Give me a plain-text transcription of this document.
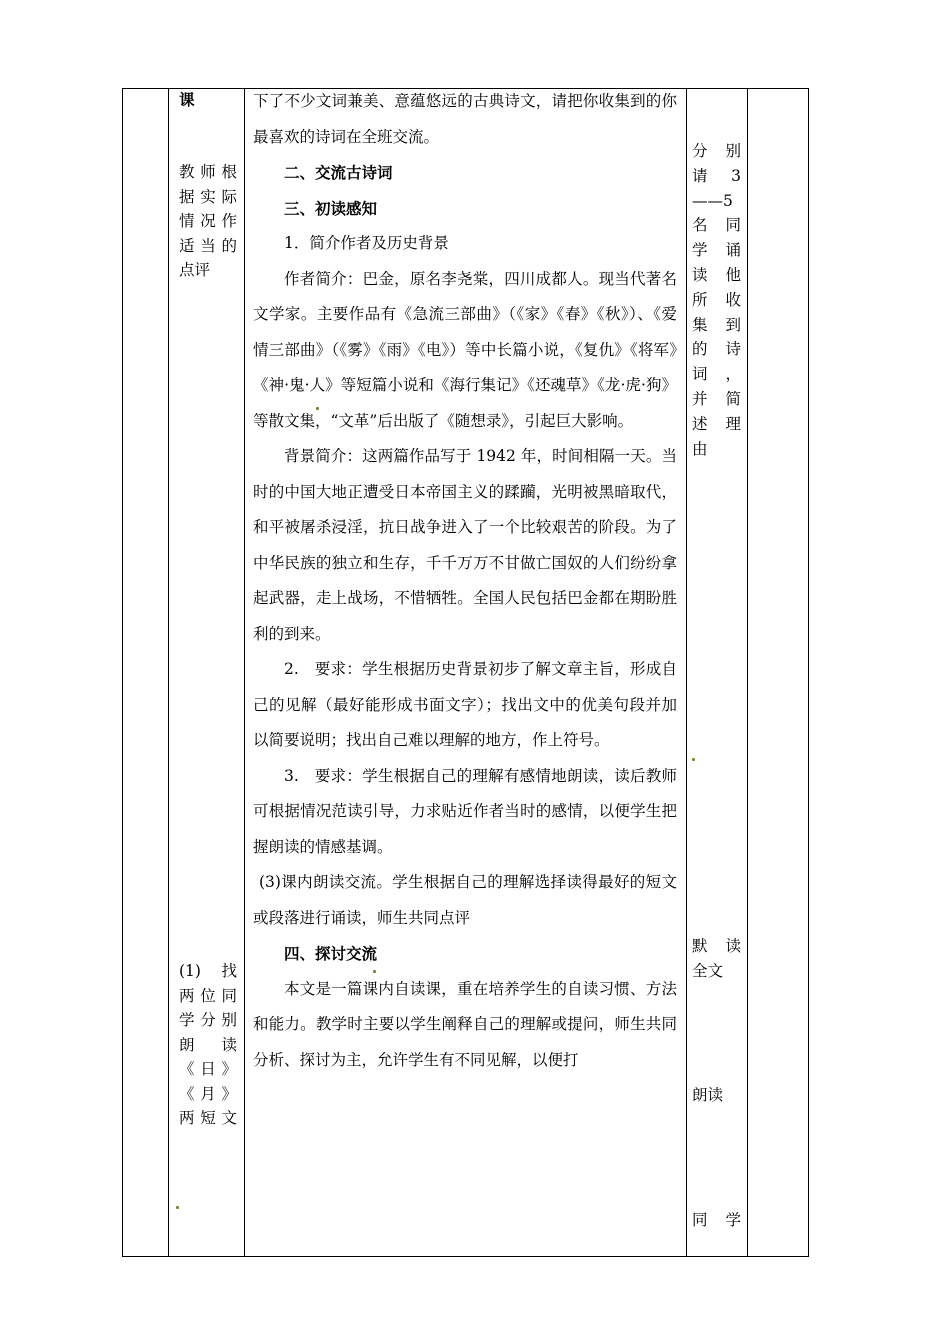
课

教师根

据实际

情况作

适当的

点评

(1) 找

两位同

学分别

朗　读

《日》

《月》

两短文

下了不少文词兼美、意蕴悠远的古典诗文，请把你收集到的你最喜欢的诗词在全班交流。

二、交流古诗词

三、初读感知

1．简介作者及历史背景

作者简介：巴金，原名李尧棠，四川成都人。现当代著名文学家。主要作品有《急流三部曲》（《家》《春》《秋》）、《爱情三部曲》（《雾》《雨》《电》）等中长篇小说，《复仇》《将军》《神·鬼·人》等短篇小说和《海行集记》《还魂草》《龙·虎·狗》等散文集，“文革”后出版了《随想录》，引起巨大影响。

背景简介：这两篇作品写于 1942 年，时间相隔一天。当时的中国大地正遭受日本帝国主义的蹂躏，光明被黑暗取代，和平被屠杀浸淫，抗日战争进入了一个比较艰苦的阶段。为了中华民族的独立和生存，千千万万不甘做亡国奴的人们纷纷拿起武器，走上战场，不惜牺牲。全国人民包括巴金都在期盼胜利的到来。

2.　要求：学生根据历史背景初步了解文章主旨，形成自己的见解（最好能形成书面文字）；找出文中的优美句段并加以简要说明；找出自己难以理解的地方，作上符号。

3.　要求：学生根据自己的理解有感情地朗读，读后教师可根据情况范读引导，力求贴近作者当时的感情，以便学生把握朗读的情感基调。

(3)课内朗读交流。学生根据自己的理解选择读得最好的短文或段落进行诵读，师生共同点评

四、探讨交流

本文是一篇课内自读课，重在培养学生的自读习惯、方法和能力。教学时主要以学生阐释自己的理解或提问，师生共同分析、探讨为主，允许学生有不同见解，以便打

分　别

请　3

——5

名　同

学　诵

读　他

所　收

集　到

的　诗

词　，

并　简

述　理

由

默　读

全文

朗读

同　学
